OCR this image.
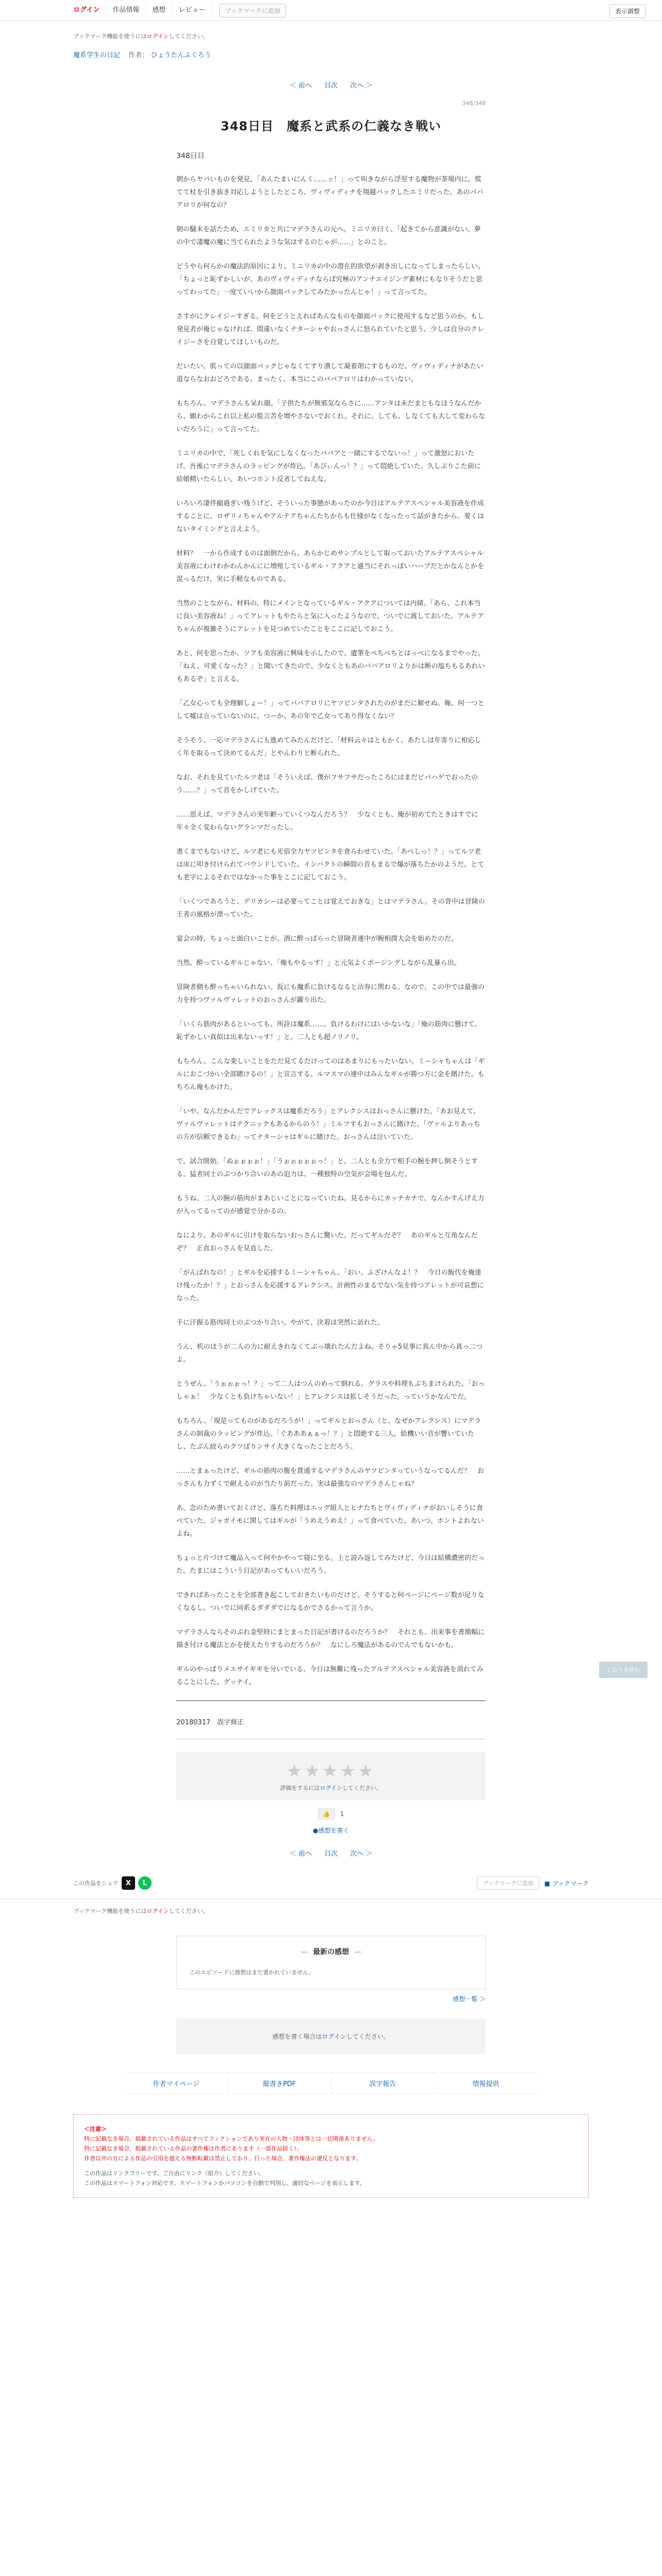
ログイン	作品情報	感想	レビュー	ブックマークに追加	表示調整
ブックマーク機能を使うにはログインしてください。
魔系学生の日記 作者： ひょうたんふくろう
＜ 前へ 目次 次へ ＞
348/348
348日目　魔系と武系の仁義なき戦い
348日目

朝からヤバいものを発見。「あんたまいにんく……ッ！」って叫きながら浮翌する魔物が茶場内に。慌てて杖を引き抜き対応しようとしたところ、ヴィヴィディナを翔越バックしたエミリだった。あのパパアロリが何なの？

朝の騒末を話たため、エミリカと共にマデラさんの元へ。ミニリカ曰く、「起きてから意識がない。夢の中で凄魔の魔に当てられたような気はするのじゃが……」とのこと。

どうやら何らかの魔法的原因により、ミニリカの中の潜在的欲望が剥き出しになってしまったらしい。「ちょっと恥ずかしいが、あのヴィヴィディナならば究極のアンチエイジング素材にもなりそうだと思ってわってた」一度ていいから顔面バックしてみたかったんじゃ！」って言ってた。

さすがにクレイジーすぎる。何をどうとえればあんなものを顔面バックに使用するなど思うのか。もし発見者が俺じゃなければ、間違いなくナターシャやおっさんに怒られていたと思う。少しは自分のクレイジーさを自覚してほしいものだ。

だいたい、肌っての以顔面バックじゃなくてすり潰して凝着剤にするものだ。ヴィヴィディナがあたい道ならなおおどろである。まったく、本当にこのババアロリはわかっていない。

もちろん、マデラさんも呆れ顔。「子供たちが無邪気ならさに……アンタは未だまともなほうなんだから、願わからこれ以上私の監言苦を増やさないでおくれ。それに、しても、しなくても大して変わらないだろうに」って言ってた。

ミニリカの中で、「死しくれを気にしなくなったババアと一緒にするでないっ！」って激怒においたげ、吾後にマデラさんのラッピングが炸込。「あぴぃんっ！？」って悶絶していた。久しぶりこた前に結婚精いたらしい。あいつホント反省してねえな。

いろいろ凄伴縮過ぎい残うげど、そういった事態があったのか今日はアルテアスペシャル美容液を作成することに。ロザリィちゃんやアルテアちゃんたちからも仕様がなくなったって話がきたから、要くはないタイミングと言えよう。

材料？　一から作成するのは面倒だから、あらかじめサンプルとして取っておいたアルテアスペシャル美容液にわけわかわんかんにに増殖しているギル・アクアと適当にそれっぽいハーブだとかなんとかを混っるだけ。実に手軽なものである。

当然のことながら、材料の、特にメインとなっているギル・アクアについては内緒。「あら、これ本当に良い美容液ね！」ってアレットもやたらと気に入ったようなので、ついでに渡しておいた。アルテアちゃんが複雑そうにアレットを見つめていたことをここに記しておこう。

あと、何を思ったか、ツアも美容液に興味を示したので、遺筆をペちぺちとはっぺになるまでやった。「ねえ、可愛くなった？」と聞いてきたので、少なくともあのババアロリよりかは断の塩ちもるあれいもあるぞ」と言える。

「乙女心っても全理解しょー！」ってパパアロリにヤツビンタされたのがまだに解せぬ。俺、何一つとして嘘は言っていないのに。つーか、あの年で乙女ってあり得なくない？

そうそう、一応マデラさんにも進めてみたんだけど、「材料云々はともかく、あたしは年寄りに相応しく年を取るって決めてるんだ」とやんわりと断られた。

なお、それを見ていたルツ老は「そういえば、僕がフサフサだったころにはまだビバハゲでおったのう……？」って首をかしげていた。

……思えば、マデラさんの実年齢っていくつなんだろう？　少なくとも、俺が初めてたときはすでに年々全く変わらないグランマだったし。

書くまでもないけど、ルツ老にも光宿全力ヤツビンタを食らわせていた。「あぺしっ！？」ってルツ老は床に叩き付けられてバウンドしていた。インパクトの瞬間の音もまるで爆が落ちたかのようだ。とても老字によるそれではなかった事をここに記しておこう。

「いくつであろうと、デリカシーは必要ってことは覚えておきな」とはマデラさん。その背中は冒険の王者の風格が漂っていた。

宴会の時、ちょっと面白いことが。酒に酔っぱらった冒険者連中が腕相撲大会を始めたのだ。

当然、酔っているギルじゃない。「俺もやるっす！」と元気よくポージングしながら乱暴ら出。

冒険者側も酔っちゃいられない。仮にも魔系に負けるなると沽券に関わる。なので、この中では最強の力を持つヴァルヴァレットのおっさんが躍り出た。

「いくら筋肉があるといっても、所詮は魔系……。負けるわけにはいかないな」「俺の筋肉に懸けて、恥ずかしい真似は出来ないっす！」と。二人とも超ノリノリ。

もちろん、こんな楽しいことをただ見てるだけってのはあまりにもったいない。ミーシャちゃんは「ギルにおこづかい全部賭けるの！」と宣言する。ルマスマの連中はみんなギルが勝つ方に金を賭けた。もちろん俺もかけた。

「いや、なんだかんだでアレックスは魔系だろう」とアレクシスはおっさんに懸けた。「あお見えて、ヴァルヴァレットはテクニックもあるからのう！」ミルフすもおっさんに賭けた。「ヴァルよりあっちの方が信頼できるわ」ってナターシャはギルに賭けた。おっさんは泣いていた。

で、試合開始。「ぬぉぉぉぉ！」「うぉぉぉぉぉっ！」と、二人とも全力で相手の腕を押し倒そうとする。猛者同士のぶつかり合いのあの迫力は、一種独特の空気が会場を包んだ。

もうね、二人の腕の筋肉がまあじいことになっていたね。見るからにカッチカチで、なんかすんげえ力が入ってるってのが感覚で分かるの。

なにより、あのギルに引けを取らないおっさんに驚いた。だってギルだぞ？　あのギルと互角なんだぞ？　正直おっさんを見直した。

「がんばれなの！」とギルを応援するミーシャちゃん。「おい、ふざけんなよ！？　今日の飯代を俺達け残ったか！？」とおっさんを応援するアレクシス。計画性のまるでない気を持つアレットが可哀想になった。

手に汗握る筋肉同士のぶつかり合い。やがて、決着は突然に訪れた。

うん、机のほうが二人の力に耐えきれなくてぶっ壊れたんだよね。そりゃ5見事に真ん中から真っ二つよ。

とうぜん、「うぉぉぉっ！？」って二人はつんのめって倒れる。グラスや料理もぶちまけられた。「おっしゃぁ！　少なくとも負けちゃいない！」とアレクシスは拡しそうだった。っていうかなんでだ。

もちろん、「現是ってものがあるだろうが！」ってギルとおっさん（と、なぜかアレクシス）にマデラさんの制裁のラッピングが炸込。「ぐあああぁぁっ！？」と悶絶する三人。給機いい音が響いていたし、たぶん絞らのクツばりンサイ大きくなったことだろう。

……とまぁったけど、ギルの筋肉の腹を貫通するマデラさんのヤツビンタっていうなってるんだ？　おっさんも力ずくで耐えるのが当たり前だった。実は最強なのマデラさんじゃね？

あ、念のため書いておくけど、落ちた料理はエッグ組人とヒナたちとヴィヴィディナがおいしそうに食べていた。ジャガイモに関してはギルが「うめえうめえ！」って食べていた。あいつ、ホントよれないよね。

ちょっと片づけて魔品入って何やかやって寝に至る。上と読み返してみたけど、今日は結構濃密的だった。たまにはこういう日記があってもいいだろう。

できればあったことを全部書き起こしておきたいものだけど、そうすると何ページにページ数が足りなくなるし、ついでに同系るダダダでになるかでさるかって言うか。

マデラさんならそのぶれ金堅時にまとまった日記が書けるのだろうか？　それとも、出来事を書簡幅に描き付ける魔法とかを使えたりするのだろうか？　なにしろ魔法があるのでんでもないかも。

ギルのやっぱりメエサイギギを分いでいる。今日は無難に残ったアルテアスペシャル美容液を頂れてみることにした。グッナイ。

20180317　誤字修正
★★★★★
評価をするにはログインしてください。
👍 1
●感想を書く
＜ 前へ 目次 次へ ＞
この作品をシェア	X	L	ブックマークに追加	■ ブックマーク
ブックマーク機能を使うにはログインしてください。
— 最新の感想 —
このエピソードに感想はまだ書かれていません。
感想一覧 ＞
感想を書く場合はログインしてください。
作者マイページ	縦書きPDF	誤字報告	情報提供
＜注意＞
特に記載なき場合、掲載されている作品はすべてフィクションであり実在の人物・団体等とは一切関係ありません。
特に記載なき場合、掲載されている作品の著作権は作者にあります（一部作品除く）。
作者以外の方による作品の引用を超える無断転載は禁止しており、行った場合、著作権法の違反となります。
この作品はリンクフリーです。ご自由にリンク（紹介）してください。
この作品はスマートフォン対応です。スマートフォンかパソコンを自動で判別し、適切なページを表示します。
しおりを挟む
